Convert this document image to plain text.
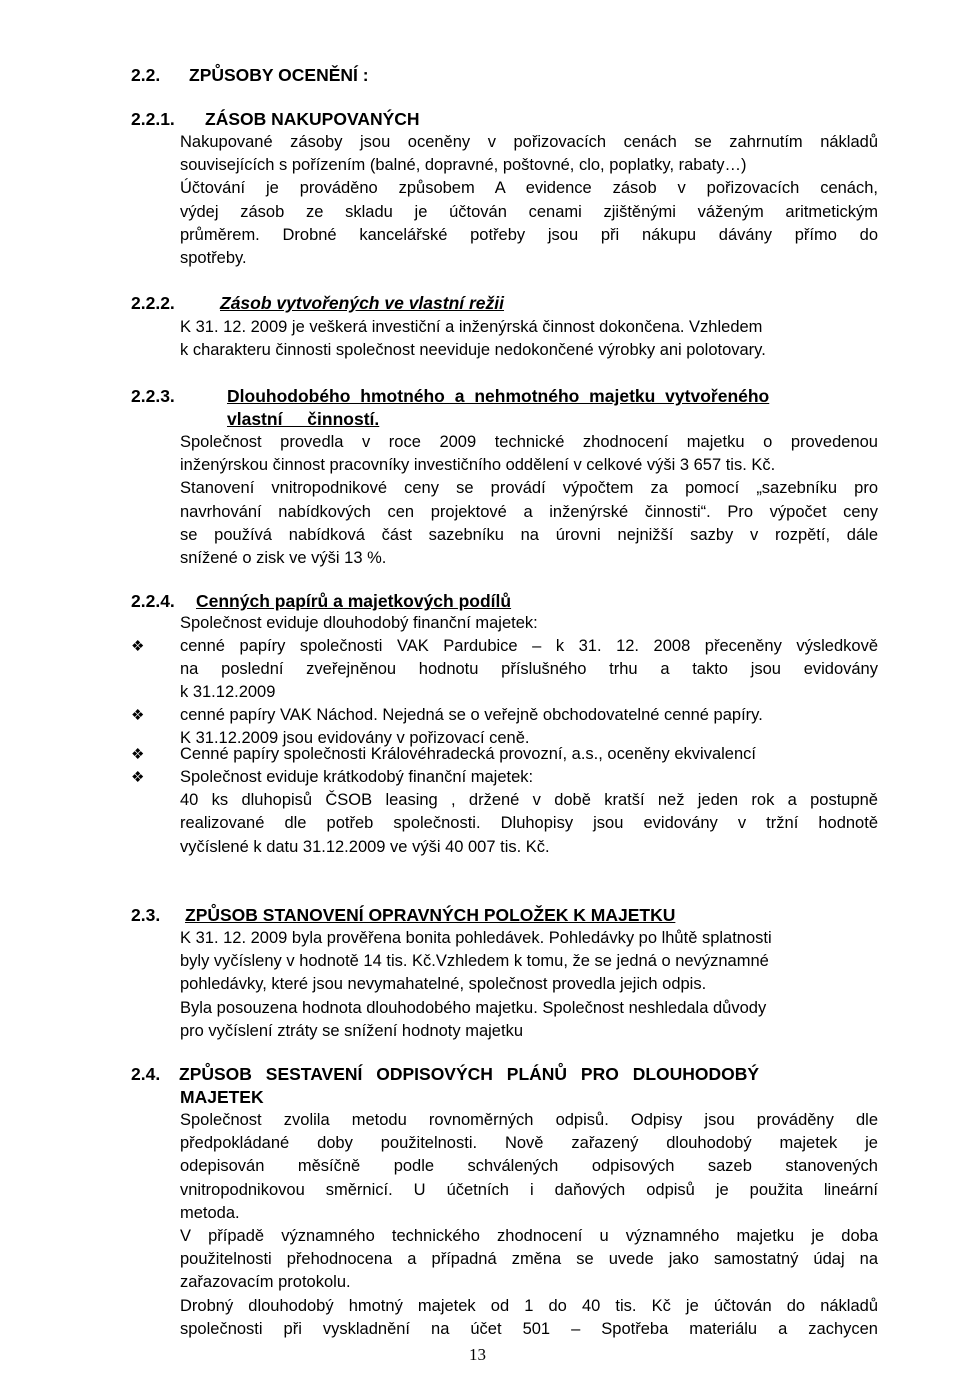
2.2. ZPŮSOBY OCENĚNÍ :
2.2.1. ZÁSOB NAKUPOVANÝCH
Nakupované zásoby jsou oceněny v pořizovacích cenách se zahrnutím nákladů
souvisejících s pořízením (balné, dopravné, poštovné, clo, poplatky, rabaty…)
Účtování je prováděno způsobem A evidence zásob v pořizovacích cenách,
výdej zásob ze skladu je účtován cenami zjištěnými váženým aritmetickým
průměrem. Drobné kancelářské potřeby jsou při nákupu dávány přímo do
spotřeby.
2.2.2.	Zásob vytvořených ve vlastní režii
K 31. 12. 2009 je veškerá investiční a inženýrská činnost dokončena. Vzhledem
k charakteru činnosti společnost neeviduje nedokončené výrobky ani polotovary.
2.2.3.	Dlouhodobého hmotného a nehmotného majetku vytvořeného
vlastní činností.
Společnost provedla v roce 2009 technické zhodnocení majetku o provedenou
inženýrskou činnost pracovníky investičního oddělení v celkové výši 3 657 tis. Kč.
Stanovení vnitropodnikové ceny se provádí výpočtem za pomocí „sazebníku pro
navrhování nabídkových cen projektové a inženýrské činnosti“. Pro výpočet ceny
se používá nabídková část sazebníku na úrovni nejnižší sazby v rozpětí, dále
snížené o zisk ve výši 13 %.
2.2.4. Cenných papírů a majetkových podílů
Společnost eviduje dlouhodobý finanční majetek:
❖ cenné papíry společnosti VAK Pardubice – k 31. 12. 2008 přeceněny výsledkově
na poslední zveřejněnou hodnotu příslušného trhu a takto jsou evidovány
k 31.12.2009
❖ cenné papíry VAK Náchod. Nejedná se o veřejně obchodovatelné cenné papíry.
K 31.12.2009 jsou evidovány v pořizovací ceně.
❖ Cenné papíry společnosti Královéhradecká provozní, a.s., oceněny ekvivalencí
❖ Společnost eviduje krátkodobý finanční majetek:
40 ks dluhopisů ČSOB leasing , držené v době kratší než jeden rok a postupně
realizované dle potřeb společnosti. Dluhopisy jsou evidovány v tržní hodnotě
vyčíslené k datu 31.12.2009 ve výši 40 007 tis. Kč.
2.3. ZPŮSOB STANOVENÍ OPRAVNÝCH POLOŽEK K MAJETKU
K 31. 12. 2009 byla prověřena bonita pohledávek. Pohledávky po lhůtě splatnosti
byly vyčísleny v hodnotě 14 tis. Kč.Vzhledem k tomu, že se jedná o nevýznamné
pohledávky, které jsou nevymahatelné, společnost provedla jejich odpis.
Byla posouzena hodnota dlouhodobého majetku. Společnost neshledala důvody
pro vyčíslení ztráty se snížení hodnoty majetku
2.4. ZPŮSOB SESTAVENÍ ODPISOVÝCH PLÁNŮ PRO DLOUHODOBÝ
MAJETEK
Společnost zvolila metodu rovnoměrných odpisů. Odpisy jsou prováděny dle
předpokládané doby použitelnosti. Nově zařazený dlouhodobý majetek je
odepisován měsíčně podle schválených odpisových sazeb stanovených
vnitropodnikovou směrnicí. U účetních i daňových odpisů je použita lineární
metoda.
V případě významného technického zhodnocení u významného majetku je doba
použitelnosti přehodnocena a případná změna se uvede jako samostatný údaj na
zařazovacím protokolu.
Drobný dlouhodobý hmotný majetek od 1 do 40 tis. Kč je účtován do nákladů
společnosti při vyskladnění na účet 501 – Spotřeba materiálu a zachycen
13
